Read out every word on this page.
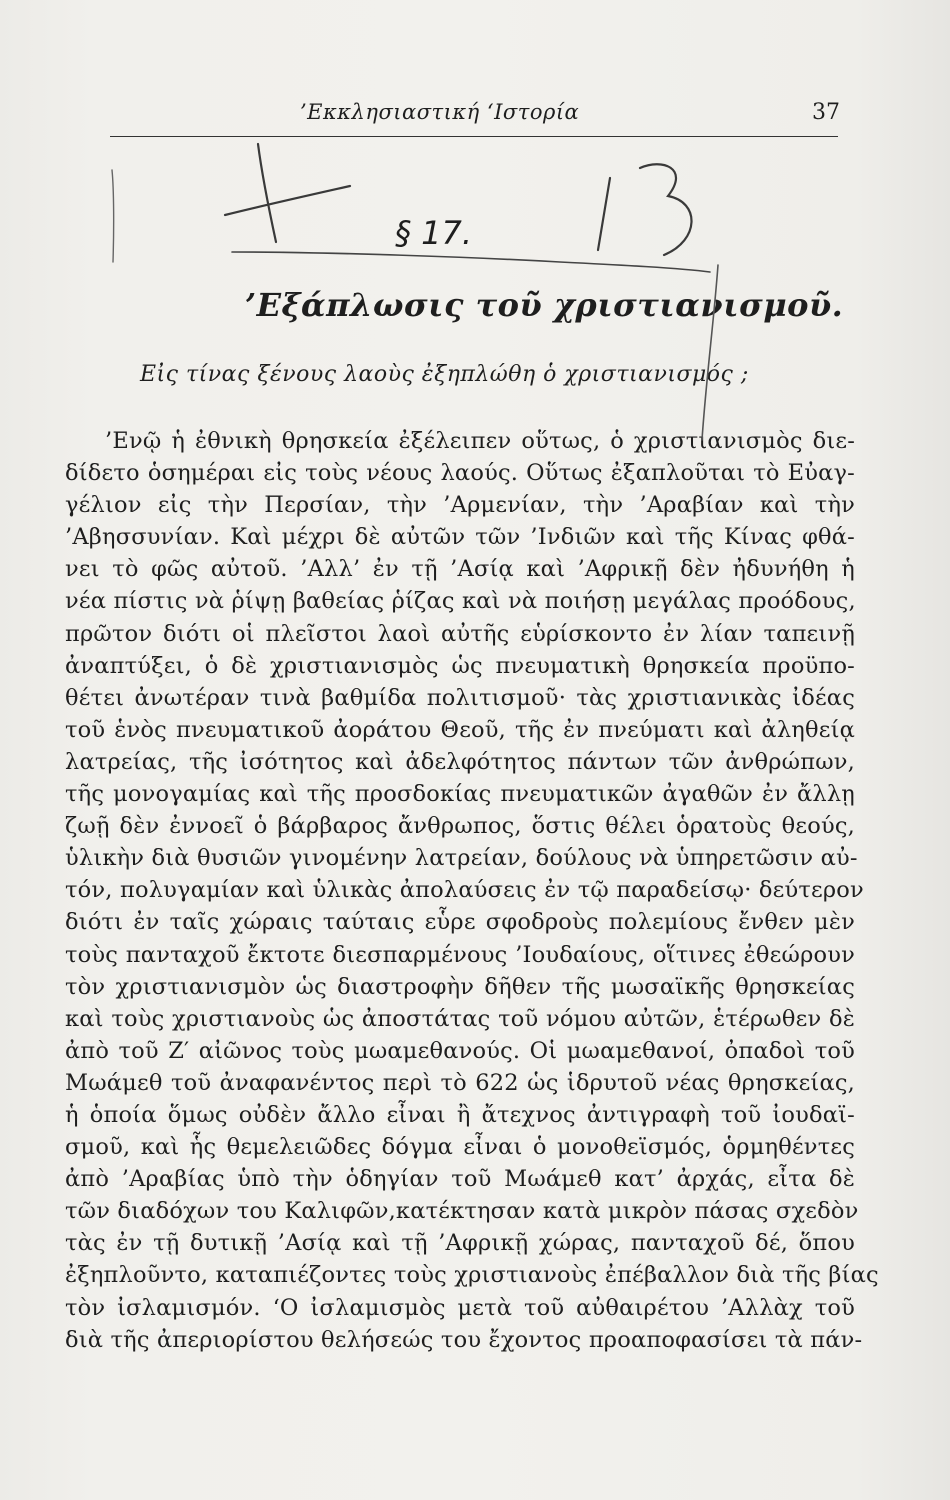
’Εκκλησιαστική ‘Ιστορία	37
§ 17.
’Εξάπλωσις τοῦ χριστιανισμοῦ.
Εἰς τίνας ξένους λαοὺς ἐξηπλώθη ὁ χριστιανισμός ;
’Ενῷ ἡ ἐθνικὴ θρησκεία ἐξέλειπεν οὕτως, ὁ χριστιανισμὸς διε-
δίδετο ὁσημέραι εἰς τοὺς νέους λαούς. Οὕτως ἐξαπλοῦται τὸ Εὐαγ-
γέλιον εἰς τὴν Περσίαν, τὴν ’Αρμενίαν, τὴν ’Αραβίαν καὶ τὴν
’Αβησσυνίαν. Καὶ μέχρι δὲ αὐτῶν τῶν ’Ινδιῶν καὶ τῆς Κίνας φθά-
νει τὸ φῶς αὐτοῦ. ’Αλλ’ ἐν τῇ ’Ασίᾳ καὶ ’Αφρικῇ δὲν ἠδυνήθη ἡ
νέα πίστις νὰ ῥίψῃ βαθείας ῥίζας καὶ νὰ ποιήσῃ μεγάλας προόδους,
πρῶτον διότι οἱ πλεῖστοι λαοὶ αὐτῆς εὑρίσκοντο ἐν λίαν ταπεινῇ
ἀναπτύξει, ὁ δὲ χριστιανισμὸς ὡς πνευματικὴ θρησκεία προϋπο-
θέτει ἀνωτέραν τινὰ βαθμίδα πολιτισμοῦ· τὰς χριστιανικὰς ἰδέας
τοῦ ἑνὸς πνευματικοῦ ἀοράτου Θεοῦ, τῆς ἐν πνεύματι καὶ ἀληθείᾳ
λατρείας, τῆς ἰσότητος καὶ ἀδελφότητος πάντων τῶν ἀνθρώπων,
τῆς μονογαμίας καὶ τῆς προσδοκίας πνευματικῶν ἀγαθῶν ἐν ἄλλῃ
ζωῇ δὲν ἐννοεῖ ὁ βάρβαρος ἄνθρωπος, ὅστις θέλει ὁρατοὺς θεούς,
ὑλικὴν διὰ θυσιῶν γινομένην λατρείαν, δούλους νὰ ὑπηρετῶσιν αὐ-
τόν, πολυγαμίαν καὶ ὑλικὰς ἀπολαύσεις ἐν τῷ παραδείσῳ· δεύτερον
διότι ἐν ταῖς χώραις ταύταις εὗρε σφοδροὺς πολεμίους ἔνθεν μὲν
τοὺς πανταχοῦ ἔκτοτε διεσπαρμένους ’Ιουδαίους, οἵτινες ἐθεώρουν
τὸν χριστιανισμὸν ὡς διαστροφὴν δῆθεν τῆς μωσαϊκῆς θρησκείας
καὶ τοὺς χριστιανοὺς ὡς ἀποστάτας τοῦ νόμου αὐτῶν, ἑτέρωθεν δὲ
ἀπὸ τοῦ Ζ′ αἰῶνος τοὺς μωαμεθανούς. Οἱ μωαμεθανοί, ὀπαδοὶ τοῦ
Μωάμεθ τοῦ ἀναφανέντος περὶ τὸ 622 ὡς ἱδρυτοῦ νέας θρησκείας,
ἡ ὁποία ὅμως οὐδὲν ἄλλο εἶναι ἢ ἄτεχνος ἀντιγραφὴ τοῦ ἰουδαϊ-
σμοῦ, καὶ ἧς θεμελειῶδες δόγμα εἶναι ὁ μονοθεϊσμός, ὁρμηθέντες
ἀπὸ ’Αραβίας ὑπὸ τὴν ὁδηγίαν τοῦ Μωάμεθ κατ’ ἀρχάς, εἶτα δὲ
τῶν διαδόχων του Καλιφῶν,κατέκτησαν κατὰ μικρὸν πάσας σχεδὸν
τὰς ἐν τῇ δυτικῇ ’Ασίᾳ καὶ τῇ ’Αφρικῇ χώρας, πανταχοῦ δέ, ὅπου
ἐξηπλοῦντο, καταπιέζοντες τοὺς χριστιανοὺς ἐπέβαλλον διὰ τῆς βίας
τὸν ἰσλαμισμόν. ‘Ο ἰσλαμισμὸς μετὰ τοῦ αὐθαιρέτου ’Αλλὰχ τοῦ
διὰ τῆς ἀπεριορίστου θελήσεώς του ἔχοντος προαποφασίσει τὰ πάν-
